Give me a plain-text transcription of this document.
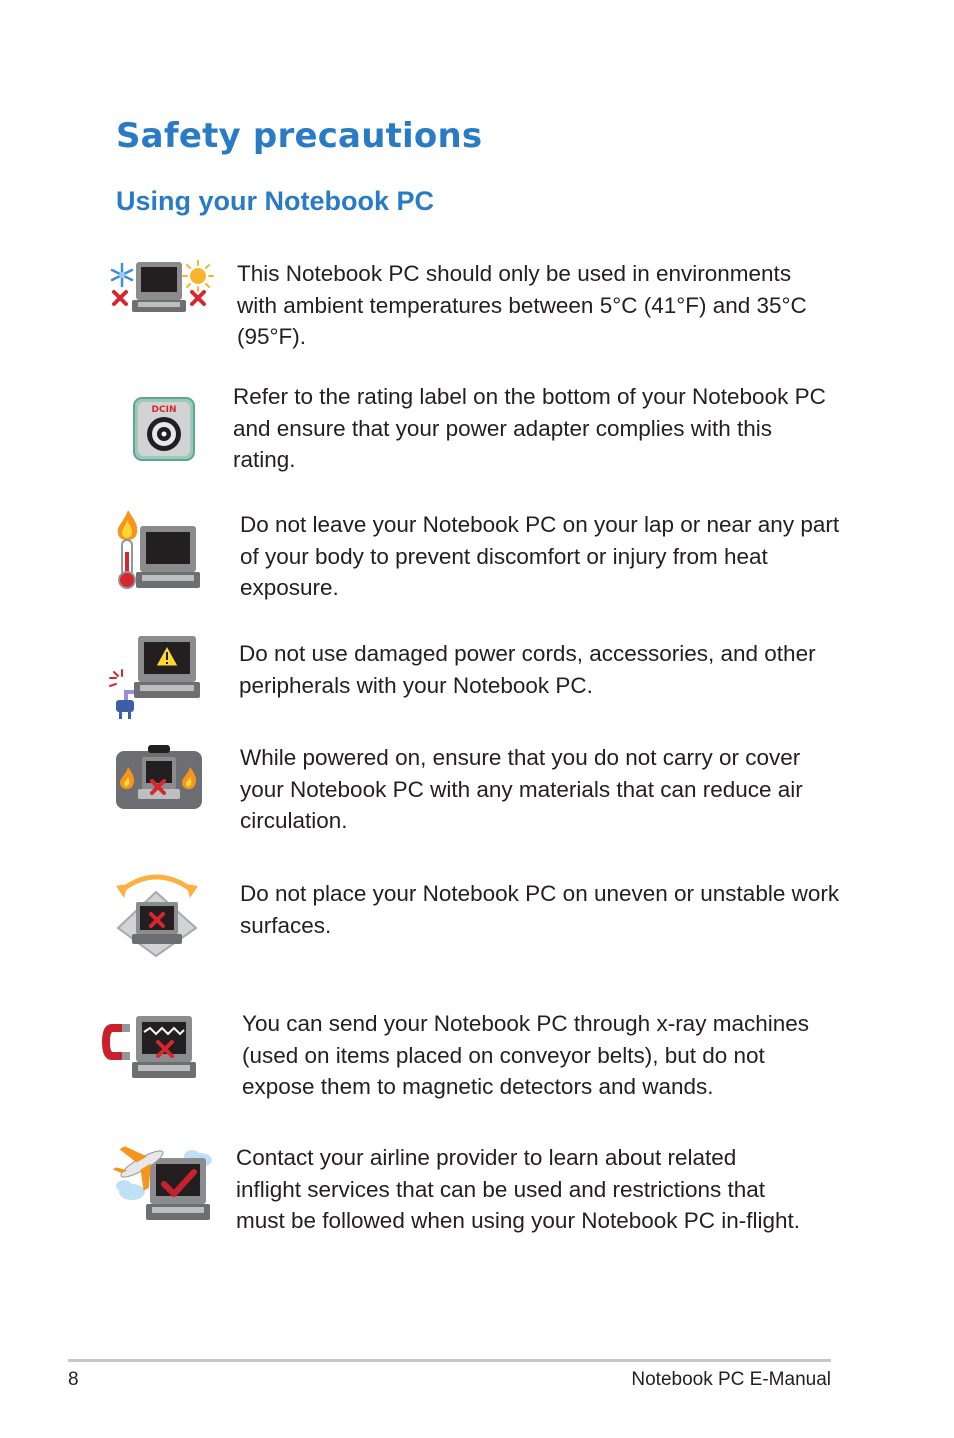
Safety precautions
Using your Notebook PC

This Notebook PC should only be used in environments with ambient temperatures between 5°C (41°F) and 35°C (95°F).

DCIN

Refer to the rating label on the bottom of your Notebook PC and ensure that your power adapter complies with this rating.

Do not leave your Notebook PC on your lap or near any part of your body to prevent discomfort or injury from heat exposure.

Do not use damaged power cords, accessories, and other peripherals with your Notebook PC.

While powered on, ensure that you do not carry or cover your Notebook PC with any materials that can reduce air circulation.

Do not place your Notebook PC on uneven or unstable work surfaces.

You can send your Notebook PC through x-ray machines (used on items placed on conveyor belts), but do not expose them to magnetic detectors and wands.

Contact your airline provider to learn about related inflight services that can be used and restrictions that must be followed when using your Notebook PC in-flight.

8	Notebook PC E-Manual
